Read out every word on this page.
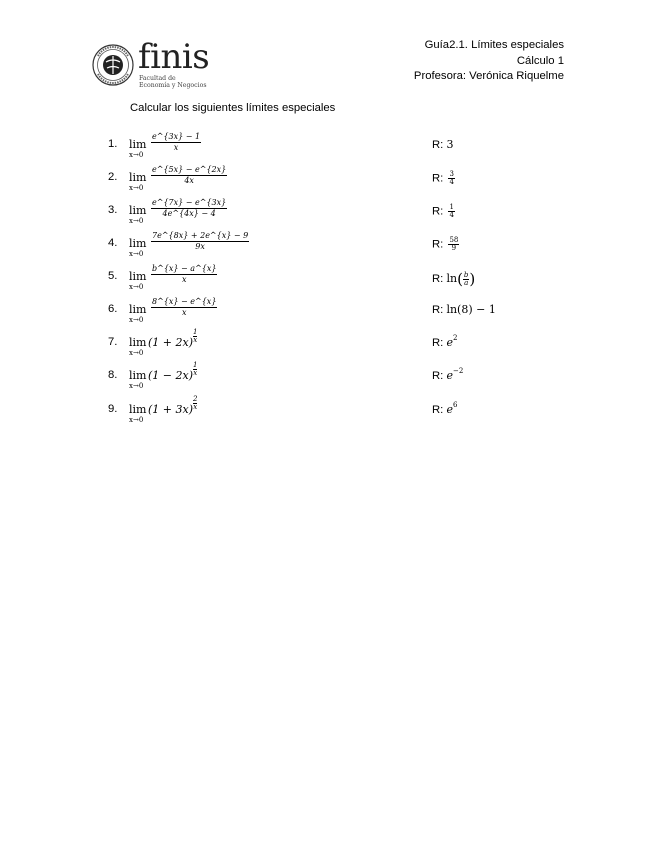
finis
Facultad de
Economía y Negocios
Guía2.1. Límites especiales
Cálculo 1
Profesora: Verónica Riquelme
Calcular los siguientes límites especiales
1. lim
x→0
$\frac{e\^{}\{3x\} - 1}{x}$	R: 3
2. lim
x→0
$\frac{e\^{}\{5x\} - e\^{}\{2x\}}{4x}$	R: $\frac{3}{4}$
3. lim
x→0
$\frac{e\^{}\{7x\} - e\^{}\{3x\}}{4e\^{}\{4x\} - 4}$	R: $\frac{1}{4}$
4. lim
x→0
$\frac{7e\^{}\{8x\} + 2e\^{}\{x\} - 9}{9x}$	R: $\frac{58}{9}$
5. lim
x→0
$\frac{b\^{}\{x\} - a\^{}\{x\}}{x}$	R: $\ln( \frac{b}{a}$ )
6. lim
x→0
$\frac{8\^{}\{x\} - e\^{}\{x\}}{x}$	R: ln(8) − 1
7. lim
x→0
$(1 + 2x) \frac{1}{x}$	R: $e^2$
8. lim
x→0
$(1 - 2x) \frac{1}{x}$	R: $e^{-2}$
9. lim
x→0
$(1 + 3x) \frac{2}{x}$	R: $e^6$
